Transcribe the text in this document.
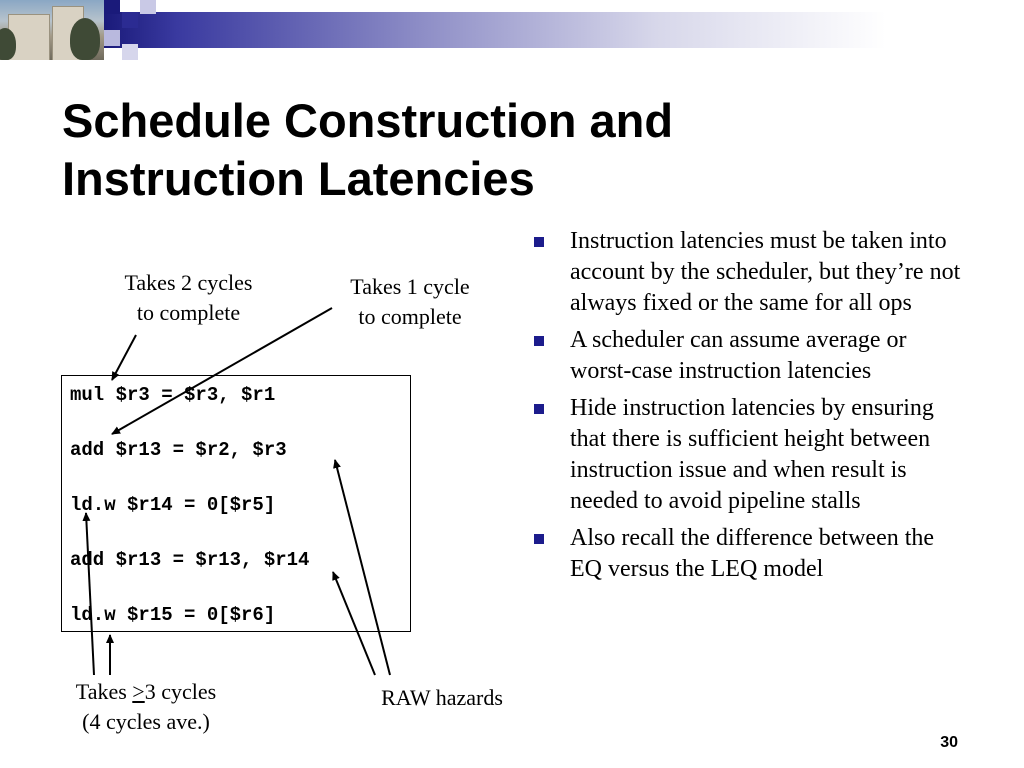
Schedule Construction and
Instruction Latencies
Instruction latencies must be taken into account by the scheduler, but they’re not always fixed or the same for all ops
A scheduler can assume average or worst-case instruction latencies
Hide instruction latencies by ensuring that there is sufficient height between instruction issue and when result is needed to avoid pipeline stalls
Also recall the difference between the EQ versus the LEQ model
mul $r3 = $r3, $r1
add $r13 = $r2, $r3
ld.w $r14 = 0[$r5]
add $r13 = $r13, $r14
ld.w $r15 = 0[$r6]
Takes 2 cycles
to complete
Takes 1 cycle
to complete
Takes ≥3 cycles
(4 cycles ave.)
RAW hazards
30
